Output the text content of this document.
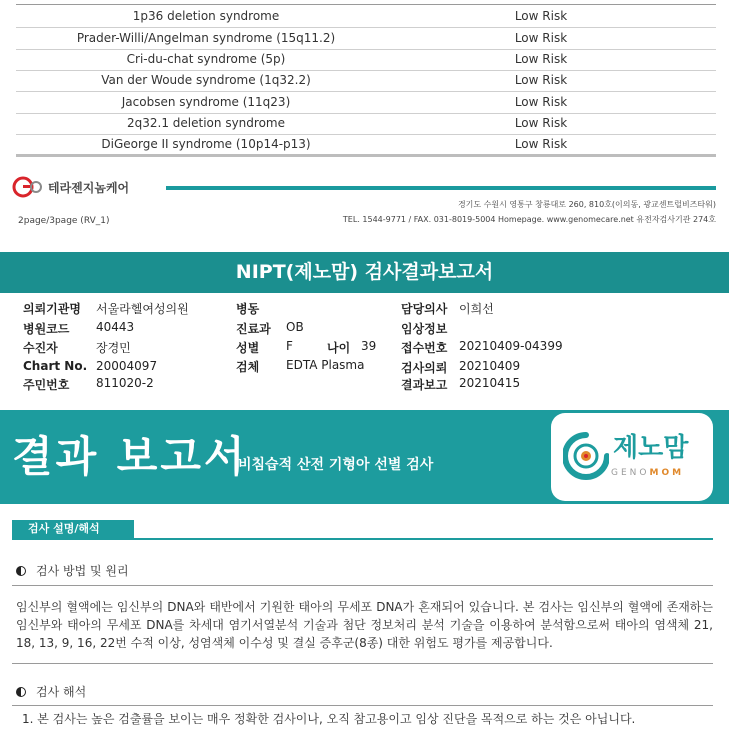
1p36 deletion syndrome	Low Risk
Prader-Willi/Angelman syndrome (15q11.2)	Low Risk
Cri-du-chat syndrome (5p)	Low Risk
Van der Woude syndrome (1q32.2)	Low Risk
Jacobsen syndrome (11q23)	Low Risk
2q32.1 deletion syndrome	Low Risk
DiGeorge II syndrome (10p14-p13)	Low Risk
테라젠지놈케어
경기도 수원시 영통구 창룡대로 260, 810호(이의동, 광교센트럴비즈타워)
TEL. 1544-9771 / FAX. 031-8019-5004 Homepage. www.genomecare.net 유전자검사기관 274호
2page/3page (RV_1)
NIPT(제노맘) 검사결과보고서
의뢰기관명 서울라헬여성의원
병원코드 40443
수진자	장경민
Chart No. 20004097
주민번호 811020-2
병동
진료과 OB
성별 F	나이 39
검체 EDTA Plasma
담당의사 이희선
임상정보
접수번호 20210409-04399
검사의뢰 20210409
결과보고 20210415
결과 보고서
비침습적 산전 기형아 선별 검사
제노맘
GENOMOM
검사 설명/해석
검사 방법 및 원리
임신부의 혈액에는 임신부의 DNA와 태반에서 기원한 태아의 무세포 DNA가 혼재되어 있습니다. 본 검사는 임신부의 혈액에 존재하는 임신부와 태아의 무세포 DNA를 차세대 염기서열분석 기술과 첨단 정보처리 분석 기술을 이용하여 분석함으로써 태아의 염색체 21, 18, 13, 9, 16, 22번 수적 이상, 성염색체 이수성 및 결실 증후군(8종) 대한 위험도 평가를 제공합니다.
검사 해석
1. 본 검사는 높은 검출률을 보이는 매우 정확한 검사이나, 오직 참고용이고 임상 진단을 목적으로 하는 것은 아닙니다.
